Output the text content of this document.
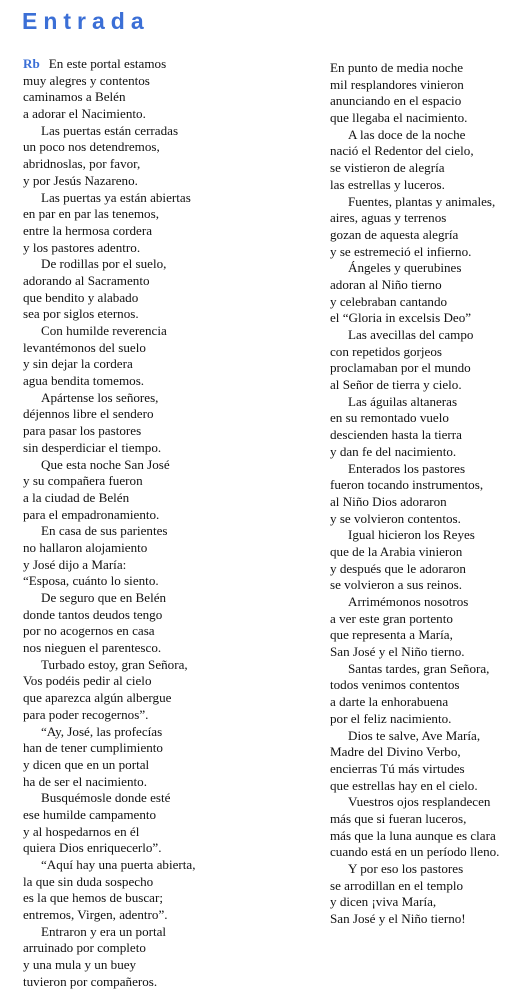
Entrada
Rb En este portal estamos
muy alegres y contentos
caminamos a Belén
a adorar el Nacimiento.
Las puertas están cerradas
un poco nos detendremos,
abridnoslas, por favor,
y por Jesús Nazareno.
Las puertas ya están abiertas
en par en par las tenemos,
entre la hermosa cordera
y los pastores adentro.
De rodillas por el suelo,
adorando al Sacramento
que bendito y alabado
sea por siglos eternos.
Con humilde reverencia
levantémonos del suelo
y sin dejar la cordera
agua bendita tomemos.
Apártense los señores,
déjennos libre el sendero
para pasar los pastores
sin desperdiciar el tiempo.
Que esta noche San José
y su compañera fueron
a la ciudad de Belén
para el empadronamiento.
En casa de sus parientes
no hallaron alojamiento
y José dijo a María:
“Esposa, cuánto lo siento.
De seguro que en Belén
donde tantos deudos tengo
por no acogernos en casa
nos nieguen el parentesco.
Turbado estoy, gran Señora,
Vos podéis pedir al cielo
que aparezca algún albergue
para poder recogernos”.
“Ay, José, las profecías
han de tener cumplimiento
y dicen que en un portal
ha de ser el nacimiento.
Busquémosle donde esté
ese humilde campamento
y al hospedarnos en él
quiera Dios enriquecerlo”.
“Aquí hay una puerta abierta,
la que sin duda sospecho
es la que hemos de buscar;
entremos, Virgen, adentro”.
Entraron y era un portal
arruinado por completo
y una mula y un buey
tuvieron por compañeros.
En punto de media noche
mil resplandores vinieron
anunciando en el espacio
que llegaba el nacimiento.
A las doce de la noche
nació el Redentor del cielo,
se vistieron de alegría
las estrellas y luceros.
Fuentes, plantas y animales,
aires, aguas y terrenos
gozan de aquesta alegría
y se estremeció el infierno.
Ángeles y querubines
adoran al Niño tierno
y celebraban cantando
el “Gloria in excelsis Deo”
Las avecillas del campo
con repetidos gorjeos
proclamaban por el mundo
al Señor de tierra y cielo.
Las águilas altaneras
en su remontado vuelo
descienden hasta la tierra
y dan fe del nacimiento.
Enterados los pastores
fueron tocando instrumentos,
al Niño Dios adoraron
y se volvieron contentos.
Igual hicieron los Reyes
que de la Arabia vinieron
y después que le adoraron
se volvieron a sus reinos.
Arrimémonos nosotros
a ver este gran portento
que representa a María,
San José y el Niño tierno.
Santas tardes, gran Señora,
todos venimos contentos
a darte la enhorabuena
por el feliz nacimiento.
Dios te salve, Ave María,
Madre del Divino Verbo,
encierras Tú más virtudes
que estrellas hay en el cielo.
Vuestros ojos resplandecen
más que si fueran luceros,
más que la luna aunque es clara
cuando está en un período lleno.
Y por eso los pastores
se arrodillan en el templo
y dicen ¡viva María,
San José y el Niño tierno!
